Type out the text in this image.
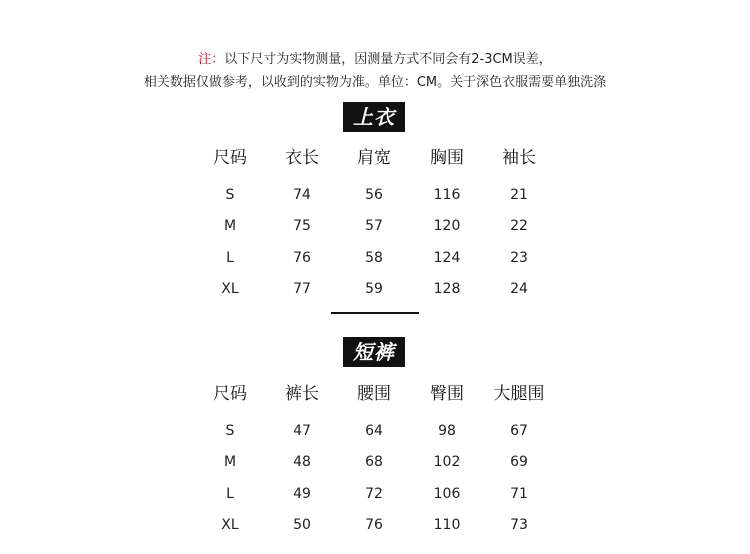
注：以下尺寸为实物测量，因测量方式不同会有2-3CM误差，
相关数据仅做参考，以收到的实物为准。单位：CM。关于深色衣服需要单独洗涤
上衣
尺码	衣长	肩宽	胸围	袖长
S	74	56	116	21
M	75	57	120	22
L	76	58	124	23
XL	77	59	128	24
短裤
尺码	裤长	腰围	臀围	大腿围
S	47	64	98	67
M	48	68	102	69
L	49	72	106	71
XL	50	76	110	73
